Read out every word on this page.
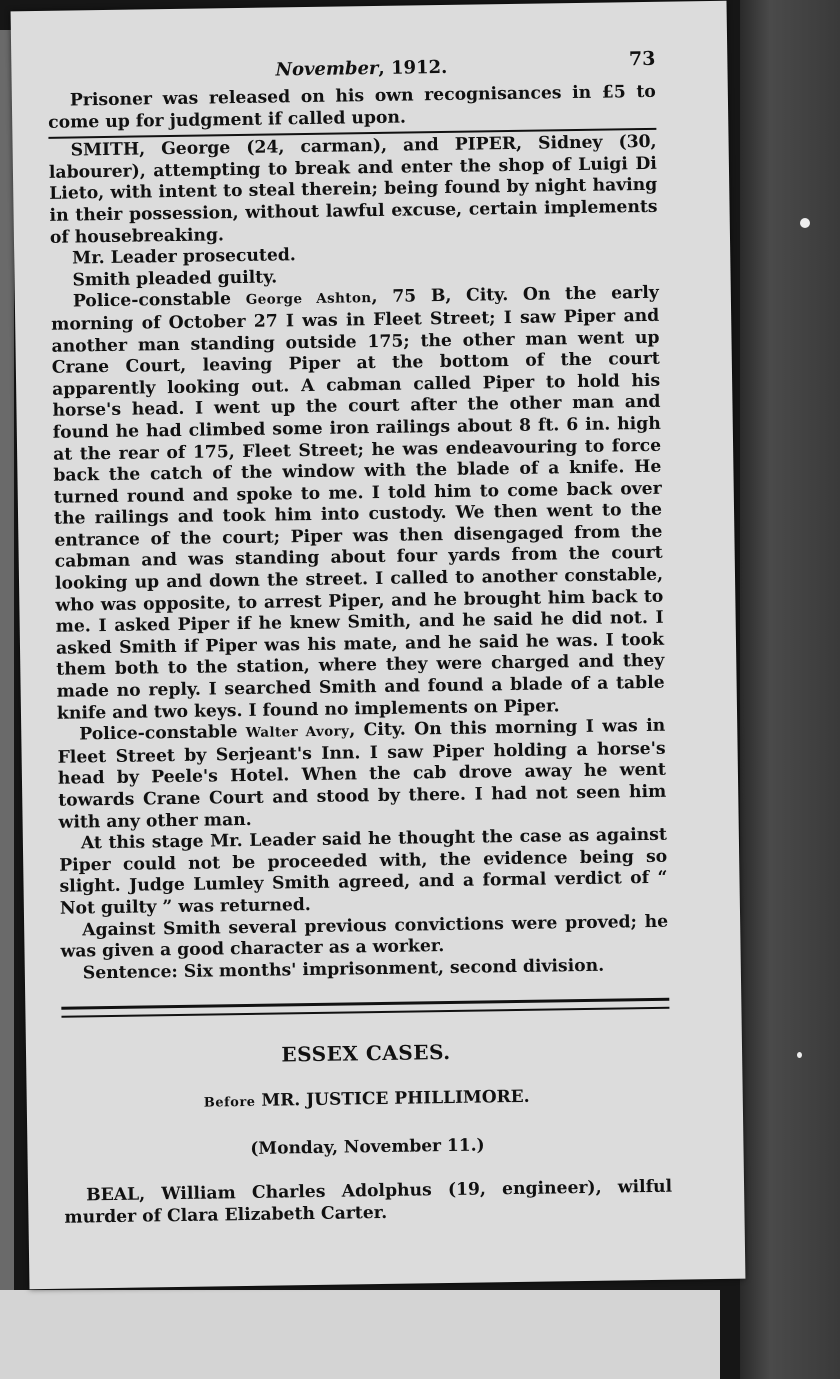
November, 1912.	73

Prisoner was released on his own recognisances in £5 to come up for judgment if called upon.

SMITH, George (24, carman), and PIPER, Sidney (30, labourer), attempting to break and enter the shop of Luigi Di Lieto, with intent to steal therein; being found by night having in their possession, without lawful excuse, certain implements of housebreaking.

Mr. Leader prosecuted.

Smith pleaded guilty.

Police-constable George Ashton, 75 B, City. On the early morning of October 27 I was in Fleet Street; I saw Piper and another man standing outside 175; the other man went up Crane Court, leaving Piper at the bottom of the court apparently looking out. A cabman called Piper to hold his horse's head. I went up the court after the other man and found he had climbed some iron railings about 8 ft. 6 in. high at the rear of 175, Fleet Street; he was endeavouring to force back the catch of the window with the blade of a knife. He turned round and spoke to me. I told him to come back over the railings and took him into custody. We then went to the entrance of the court; Piper was then disengaged from the cabman and was standing about four yards from the court looking up and down the street. I called to another constable, who was opposite, to arrest Piper, and he brought him back to me. I asked Piper if he knew Smith, and he said he did not. I asked Smith if Piper was his mate, and he said he was. I took them both to the station, where they were charged and they made no reply. I searched Smith and found a blade of a table knife and two keys. I found no implements on Piper.

Police-constable Walter Avory, City. On this morning I was in Fleet Street by Serjeant's Inn. I saw Piper holding a horse's head by Peele's Hotel. When the cab drove away he went towards Crane Court and stood by there. I had not seen him with any other man.

At this stage Mr. Leader said he thought the case as against Piper could not be proceeded with, the evidence being so slight. Judge Lumley Smith agreed, and a formal verdict of “ Not guilty ” was returned.

Against Smith several previous convictions were proved; he was given a good character as a worker.

Sentence: Six months' imprisonment, second division.

ESSEX CASES.
Before MR. JUSTICE PHILLIMORE.
(Monday, November 11.)

BEAL, William Charles Adolphus (19, engineer), wilful murder of Clara Elizabeth Carter.
